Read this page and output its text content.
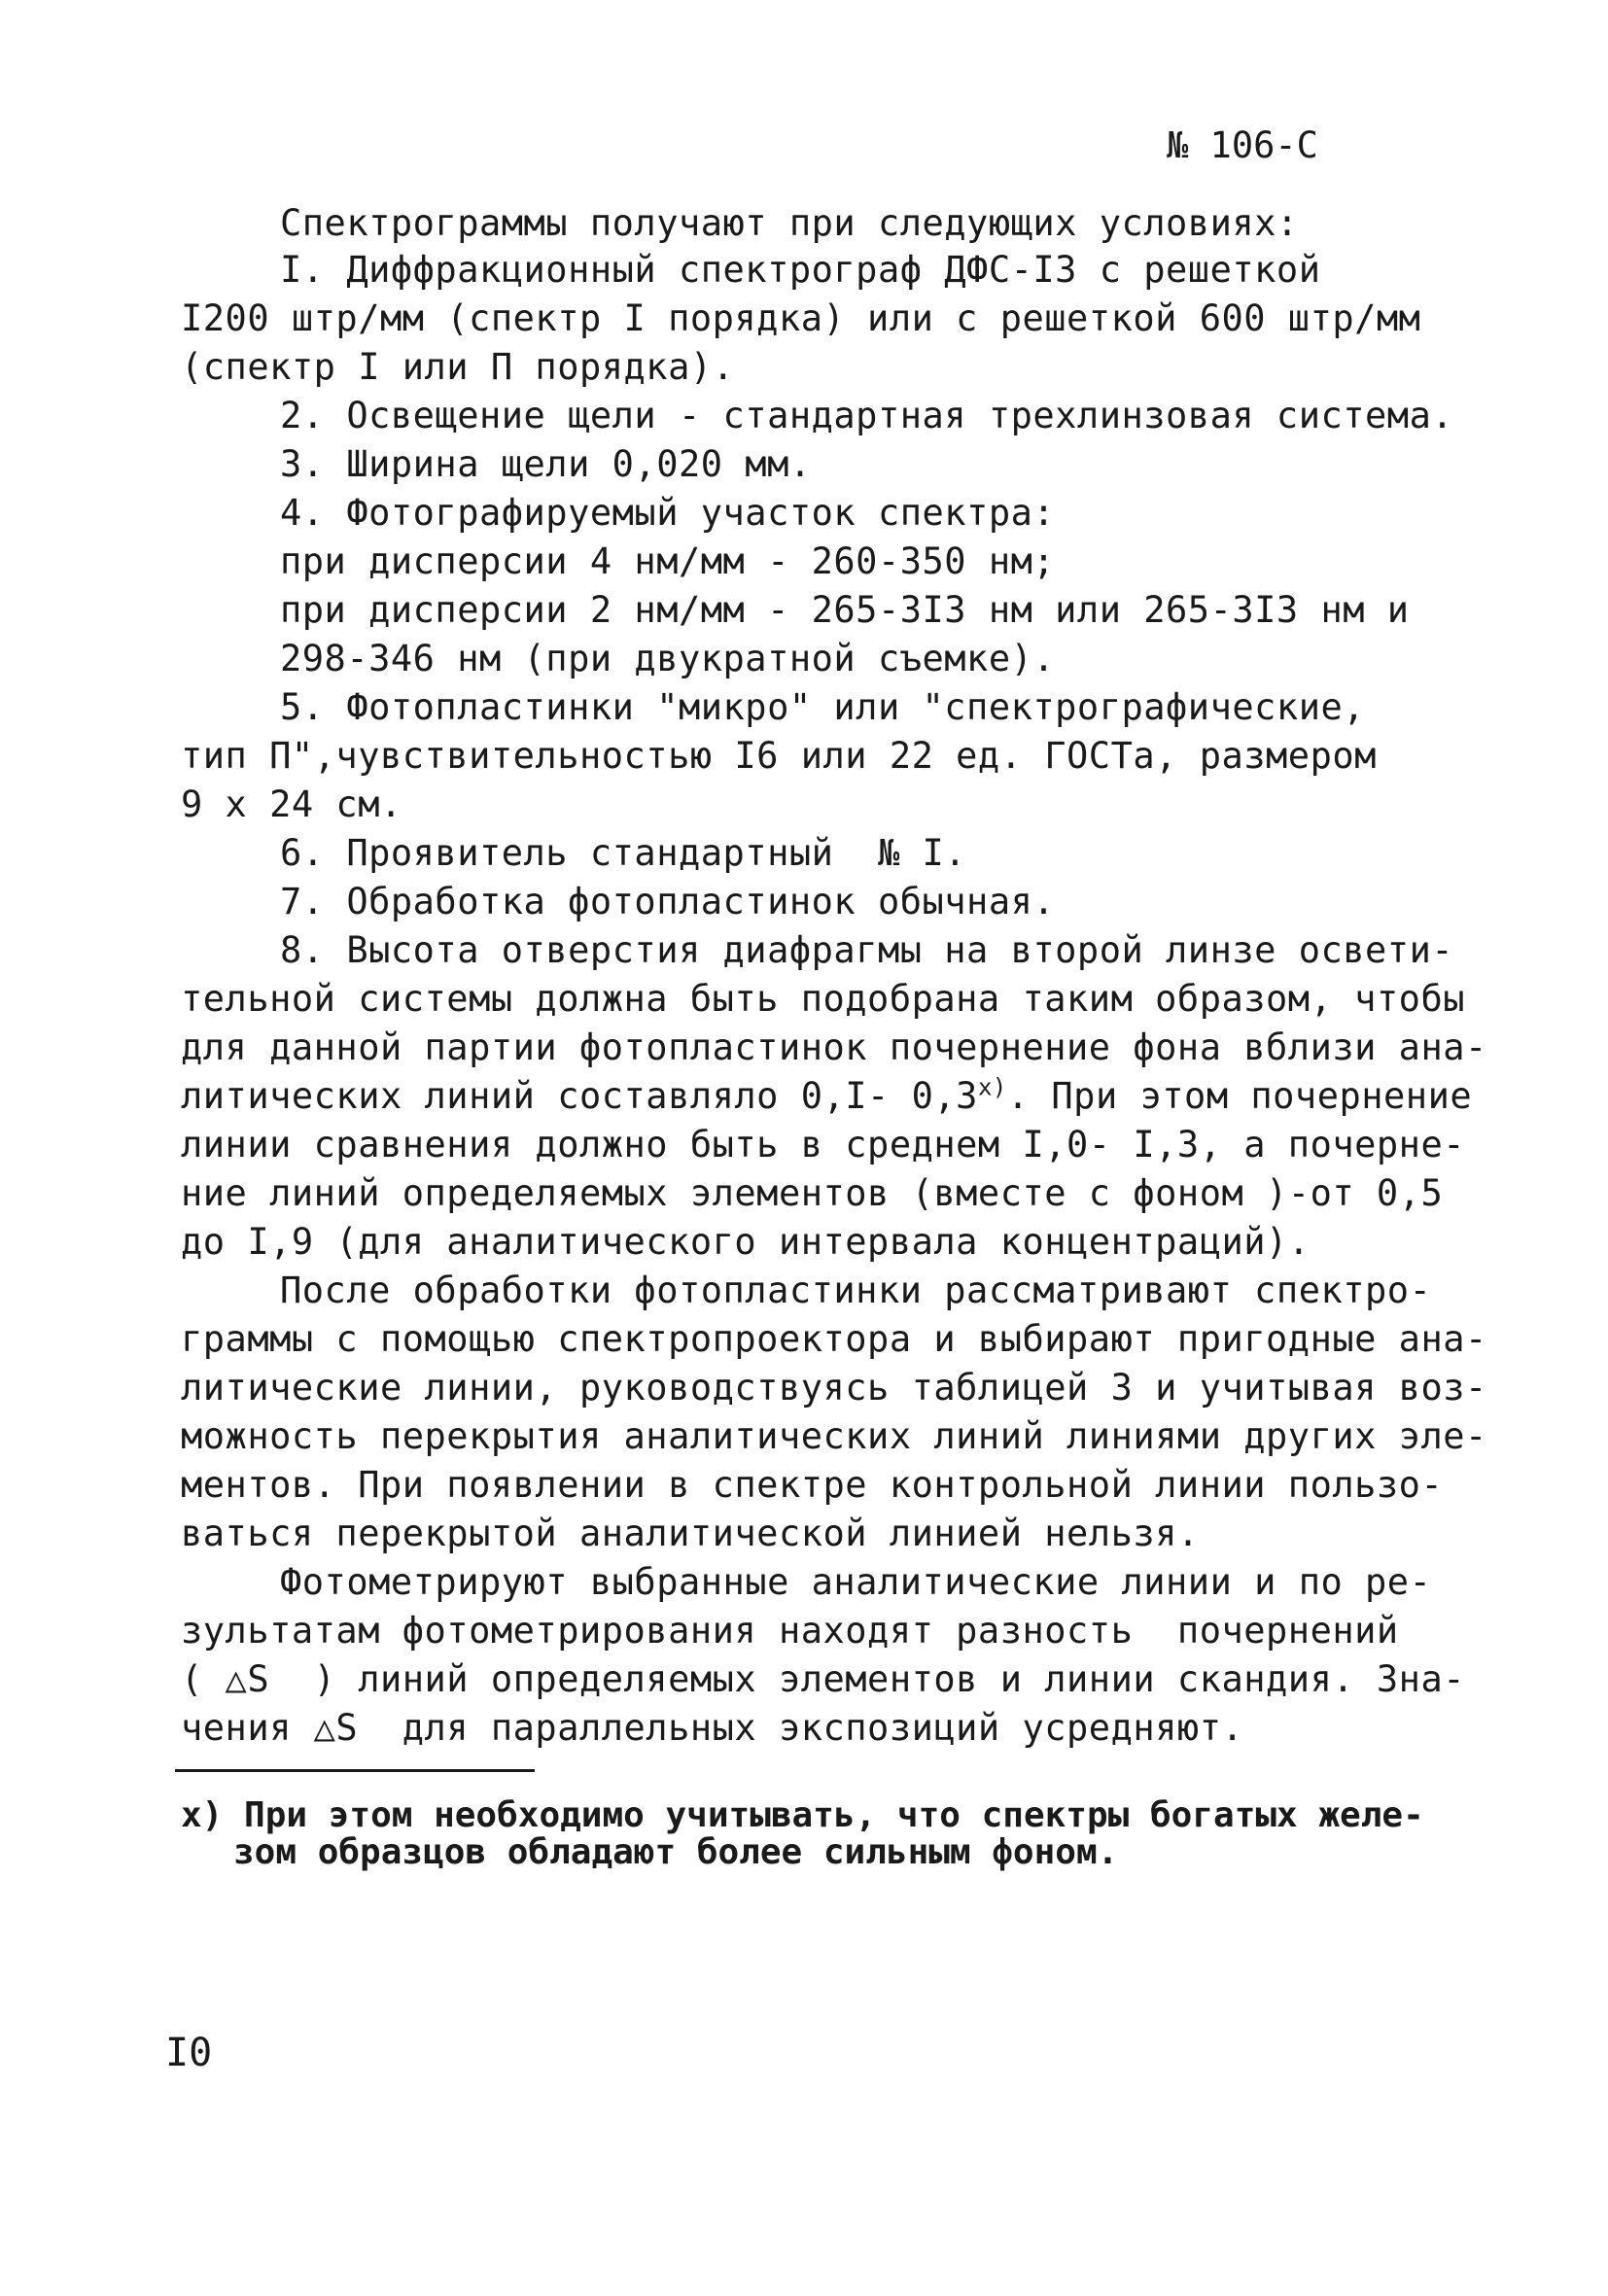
№ 106-С
Спектрограммы получают при следующих условиях:
I. Диффракционный спектрограф ДФС-I3 с решеткой
I200 штр/мм (спектр I порядка) или с решеткой 600 штр/мм
(спектр I или П порядка).
2. Освещение щели - стандартная трехлинзовая система.
3. Ширина щели 0,020 мм.
4. Фотографируемый участок спектра:
при дисперсии 4 нм/мм - 260-350 нм;
при дисперсии 2 нм/мм - 265-3I3 нм или 265-3I3 нм и
298-346 нм (при двукратной съемке).
5. Фотопластинки "микро" или "спектрографические,
тип П",чувствительностью I6 или 22 ед. ГОСТа, размером
9 х 24 см.
6. Проявитель стандартный  № I.
7. Обработка фотопластинок обычная.
8. Высота отверстия диафрагмы на второй линзе освети-
тельной системы должна быть подобрана таким образом, чтобы
для данной партии фотопластинок почернение фона вблизи ана-
литических линий составляло 0,I- $0,3^{х)}$. При этом почернение
линии сравнения должно быть в среднем I,0- I,3, а почерне-
ние линий определяемых элементов (вместе с фоном )-от 0,5
до I,9 (для аналитического интервала концентраций).
После обработки фотопластинки рассматривают спектро-
граммы с помощью спектропроектора и выбирают пригодные ана-
литические линии, руководствуясь таблицей 3 и учитывая воз-
можность перекрытия аналитических линий линиями других эле-
ментов. При появлении в спектре контрольной линии пользо-
ваться перекрытой аналитической линией нельзя.
Фотометрируют выбранные аналитические линии и по ре-
зультатам фотометрирования находят разность  почернений
( △S  ) линий определяемых элементов и линии скандия. Зна-
чения △S  для параллельных экспозиций усредняют.
х) При этом необходимо учитывать, что спектры богатых желе-
зом образцов обладают более сильным фоном.
I0
